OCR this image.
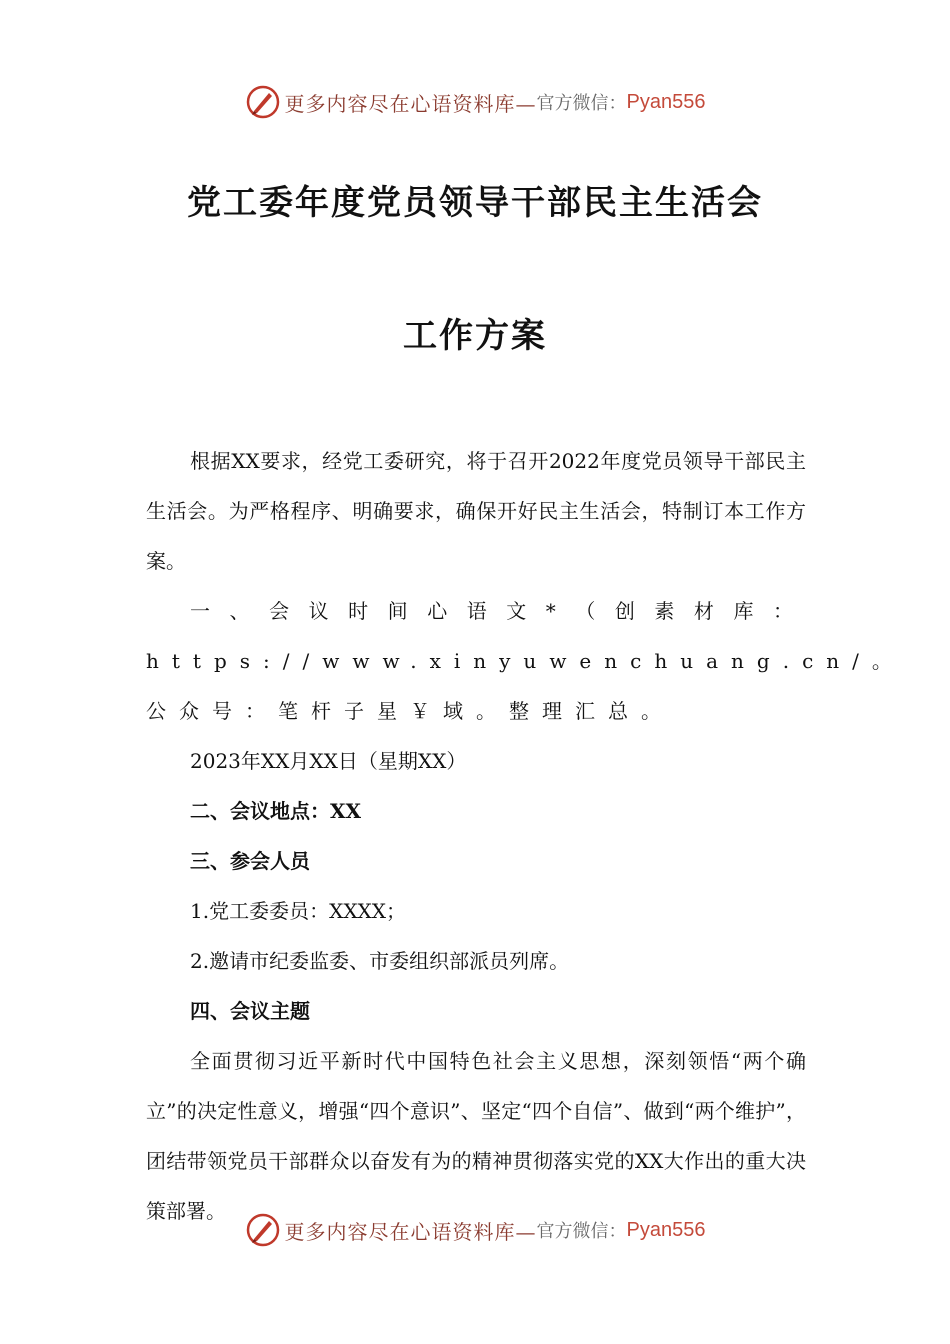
更多内容尽在心语资料库— 官方微信： Pyan556
党工委年度党员领导干部民主生活会
工作方案

根据XX要求，经党工委研究，将于召开2022年度党员领导干部民主生活会。为严格程序、明确要求，确保开好民主生活会，特制订本工作方案。

一、会议时间心语文*（创素材库：https://www.xinyuwenchuang.cn/。公众号：笔杆子星￥域。整理汇总。

2023年XX月XX日（星期XX）

二、会议地点：XX

三、参会人员

1.党工委委员：XXXX；

2.邀请市纪委监委、市委组织部派员列席。

四、会议主题

全面贯彻习近平新时代中国特色社会主义思想，深刻领悟“两个确立”的决定性意义，增强“四个意识”、坚定“四个自信”、做到“两个维护”，团结带领党员干部群众以奋发有为的精神贯彻落实党的XX大作出的重大决策部署。

更多内容尽在心语资料库— 官方微信： Pyan556
